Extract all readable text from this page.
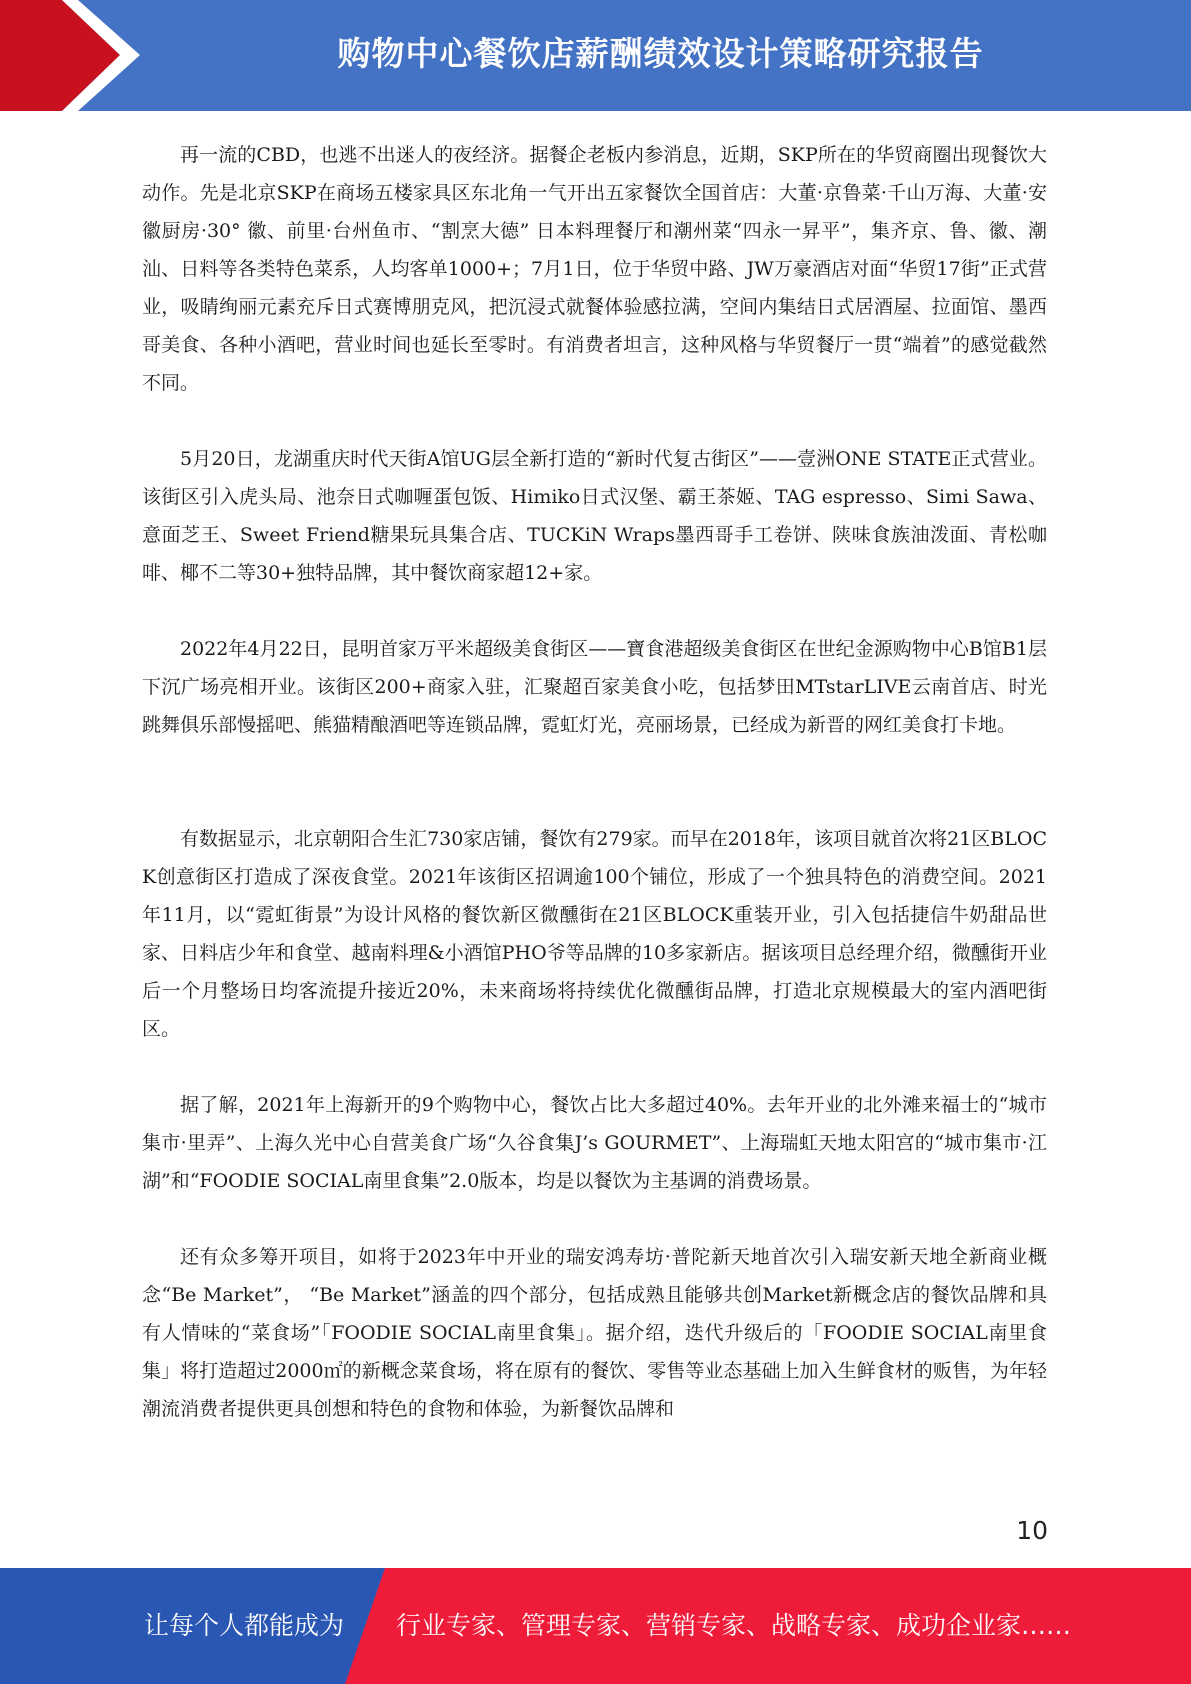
购物中心餐饮店薪酬绩效设计策略研究报告

再一流的CBD，也逃不出迷人的夜经济。据餐企老板内参消息，近期，SKP所在的华贸商圈出现餐饮大动作。先是北京SKP在商场五楼家具区东北角一气开出五家餐饮全国首店：大董·京鲁菜·千山万海、大董·安徽厨房·30° 徽、前里·台州鱼市、“割烹大德” 日本料理餐厅和潮州菜“四永一昇平”，集齐京、鲁、徽、潮汕、日料等各类特色菜系，人均客单1000+；7月1日，位于华贸中路、JW万豪酒店对面“华贸17街”正式营业，吸睛绚丽元素充斥日式赛博朋克风，把沉浸式就餐体验感拉满，空间内集结日式居酒屋、拉面馆、墨西哥美食、各种小酒吧，营业时间也延长至零时。有消费者坦言，这种风格与华贸餐厅一贯“端着”的感觉截然不同。

5月20日，龙湖重庆时代天街A馆UG层全新打造的“新时代复古街区”——壹洲ONE STATE正式营业。该街区引入虎头局、池奈日式咖喱蛋包饭、Himiko日式汉堡、霸王茶姬、TAG espresso、Simi Sawa、意面芝王、Sweet Friend糖果玩具集合店、TUCKiN Wraps墨西哥手工卷饼、陕味食族油泼面、青松咖啡、椰不二等30+独特品牌，其中餐饮商家超12+家。

2022年4月22日，昆明首家万平米超级美食街区——寶食港超级美食街区在世纪金源购物中心B馆B1层下沉广场亮相开业。该街区200+商家入驻，汇聚超百家美食小吃，包括梦田MTstarLIVE云南首店、时光跳舞俱乐部慢摇吧、熊猫精酿酒吧等连锁品牌，霓虹灯光，亮丽场景，已经成为新晋的网红美食打卡地。

有数据显示，北京朝阳合生汇730家店铺，餐饮有279家。而早在2018年，该项目就首次将21区BLOCK创意街区打造成了深夜食堂。2021年该街区招调逾100个铺位，形成了一个独具特色的消费空间。2021年11月，以“霓虹街景”为设计风格的餐饮新区微醺街在21区BLOCK重装开业，引入包括捷信牛奶甜品世家、日料店少年和食堂、越南料理&小酒馆PHO爷等品牌的10多家新店。据该项目总经理介绍，微醺街开业后一个月整场日均客流提升接近20%，未来商场将持续优化微醺街品牌，打造北京规模最大的室内酒吧街区。

据了解，2021年上海新开的9个购物中心，餐饮占比大多超过40%。去年开业的北外滩来福士的“城市集市·里弄”、上海久光中心自营美食广场“久谷食集J’s GOURMET”、上海瑞虹天地太阳宫的“城市集市·江湖”和“FOODIE SOCIAL南里食集”2.0版本，均是以餐饮为主基调的消费场景。

还有众多筹开项目，如将于2023年中开业的瑞安鸿寿坊·普陀新天地首次引入瑞安新天地全新商业概念“Be Market”， “Be Market”涵盖的四个部分，包括成熟且能够共创Market新概念店的餐饮品牌和具有人情味的“菜食场”「FOODIE SOCIAL南里食集」。据介绍，迭代升级后的「FOODIE SOCIAL南里食集」将打造超过2000㎡的新概念菜食场，将在原有的餐饮、零售等业态基础上加入生鲜食材的贩售，为年轻潮流消费者提供更具创想和特色的食物和体验，为新餐饮品牌和

10
让每个人都能成为 行业专家、管理专家、营销专家、战略专家、成功企业家……
